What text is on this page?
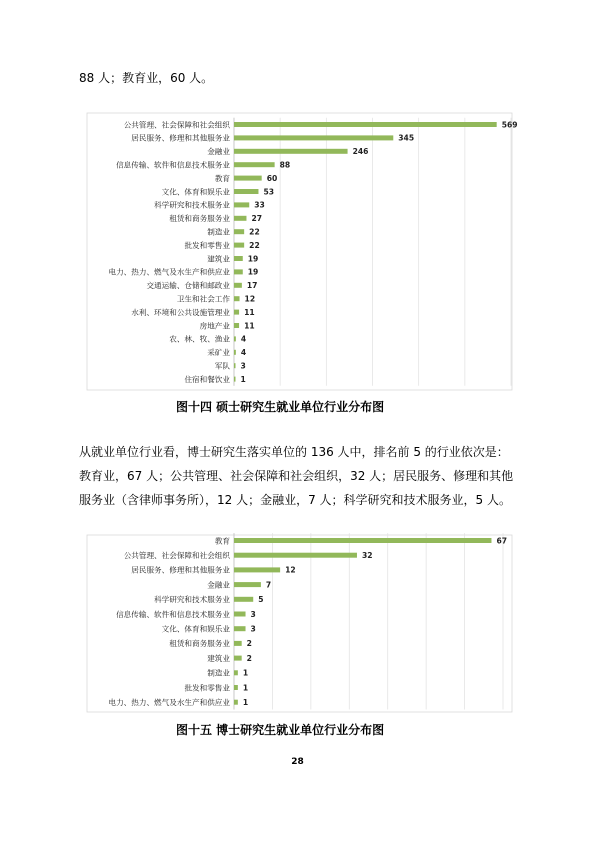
88 人；教育业，60 人。

公共管理、社会保障和社会组织	569
居民服务、修理和其他服务业	345
金融业	246
信息传输、软件和信息技术服务业	88
教育	60
文化、体育和娱乐业	53
科学研究和技术服务业	33
租赁和商务服务业	27
制造业	22
批发和零售业	22
建筑业 19
电力、热力、燃气及水生产和供应业 19
交通运输、仓储和邮政业 17
卫生和社会工作 12
水利、环境和公共设施管理业 11
房地产业 11
农、林、牧、渔业 4
采矿业 4
军队 3
住宿和餐饮业 1
教育	67
公共管理、社会保障和社会组织	32
居民服务、修理和其他服务业	12
金融业	7
科学研究和技术服务业	5
信息传输、软件和信息技术服务业	3
文化、体育和娱乐业	3
租赁和商务服务业 2
建筑业 2
制造业 1
批发和零售业 1
电力、热力、燃气及水生产和供应业 1
图十四 硕士研究生就业单位行业分布图

从就业单位行业看，博士研究生落实单位的 136 人中，排名前 5 的行业依次是：教育业，67 人；公共管理、社会保障和社会组织，32 人；居民服务、修理和其他服务业（含律师事务所），12 人；金融业，7 人；科学研究和技术服务业，5 人。

图十五 博士研究生就业单位行业分布图
28
